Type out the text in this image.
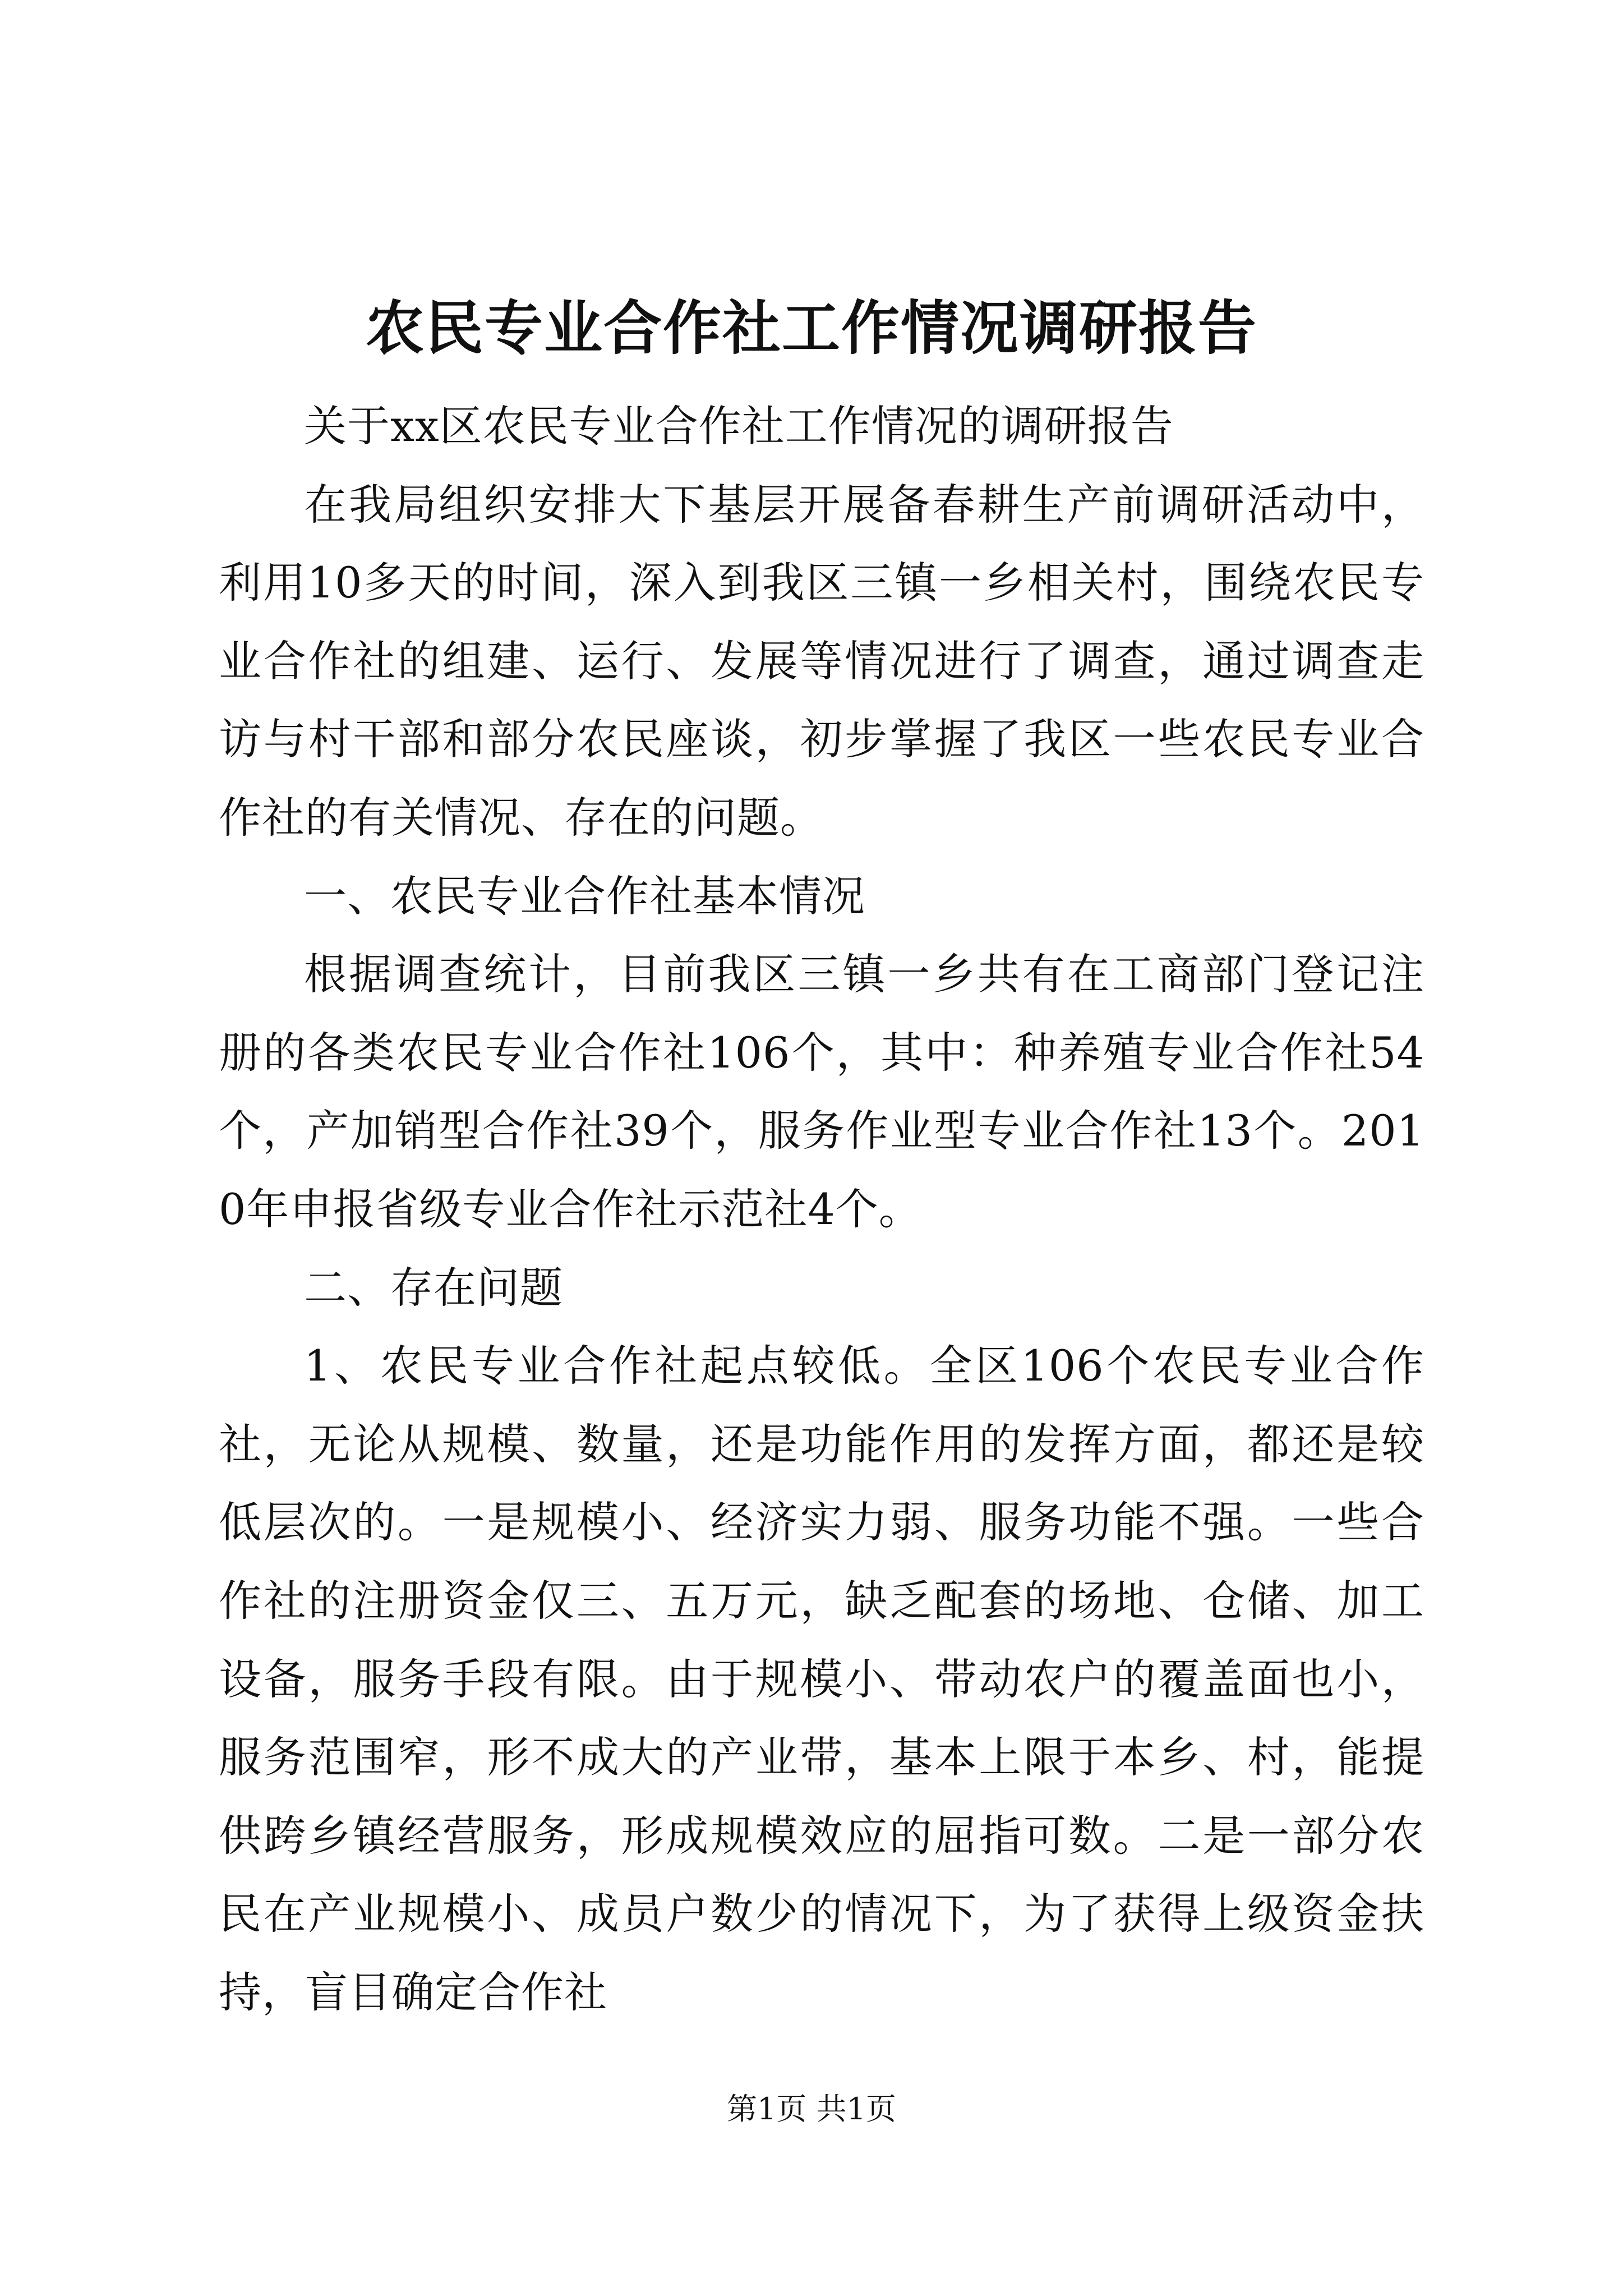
农民专业合作社工作情况调研报告

关于xx区农民专业合作社工作情况的调研报告

在我局组织安排大下基层开展备春耕生产前调研活动中，利用10多天的时间，深入到我区三镇一乡相关村，围绕农民专业合作社的组建、运行、发展等情况进行了调查，通过调查走访与村干部和部分农民座谈，初步掌握了我区一些农民专业合作社的有关情况、存在的问题。

一、农民专业合作社基本情况

根据调查统计，目前我区三镇一乡共有在工商部门登记注册的各类农民专业合作社106个，其中：种养殖专业合作社54个，产加销型合作社39个，服务作业型专业合作社13个。2010年申报省级专业合作社示范社4个。

二、存在问题

1、农民专业合作社起点较低。全区106个农民专业合作社，无论从规模、数量，还是功能作用的发挥方面，都还是较低层次的。一是规模小、经济实力弱、服务功能不强。一些合作社的注册资金仅三、五万元，缺乏配套的场地、仓储、加工设备，服务手段有限。由于规模小、带动农户的覆盖面也小，服务范围窄，形不成大的产业带，基本上限于本乡、村，能提供跨乡镇经营服务，形成规模效应的屈指可数。二是一部分农民在产业规模小、成员户数少的情况下，为了获得上级资金扶持，盲目确定合作社

第1页 共1页
